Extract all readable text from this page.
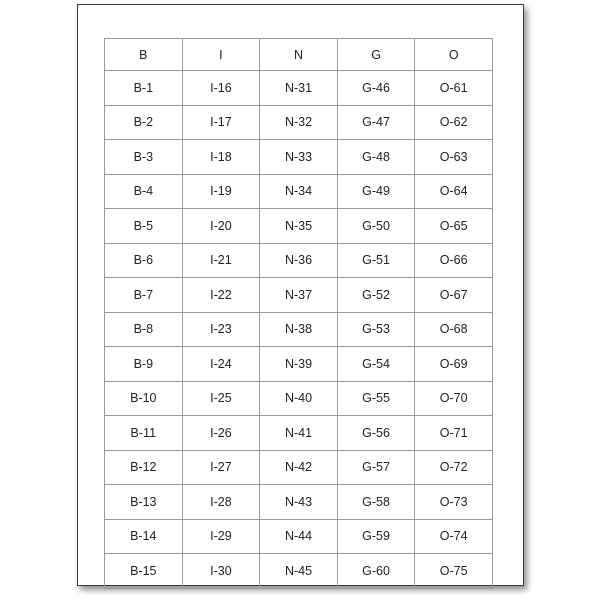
B	I	N	G	O
B-1	I-16	N-31	G-46	O-61
B-2	I-17	N-32	G-47	O-62
B-3	I-18	N-33	G-48	O-63
B-4	I-19	N-34	G-49	O-64
B-5	I-20	N-35	G-50	O-65
B-6	I-21	N-36	G-51	O-66
B-7	I-22	N-37	G-52	O-67
B-8	I-23	N-38	G-53	O-68
B-9	I-24	N-39	G-54	O-69
B-10	I-25	N-40	G-55	O-70
B-11	I-26	N-41	G-56	O-71
B-12	I-27	N-42	G-57	O-72
B-13	I-28	N-43	G-58	O-73
B-14	I-29	N-44	G-59	O-74
B-15	I-30	N-45	G-60	O-75
